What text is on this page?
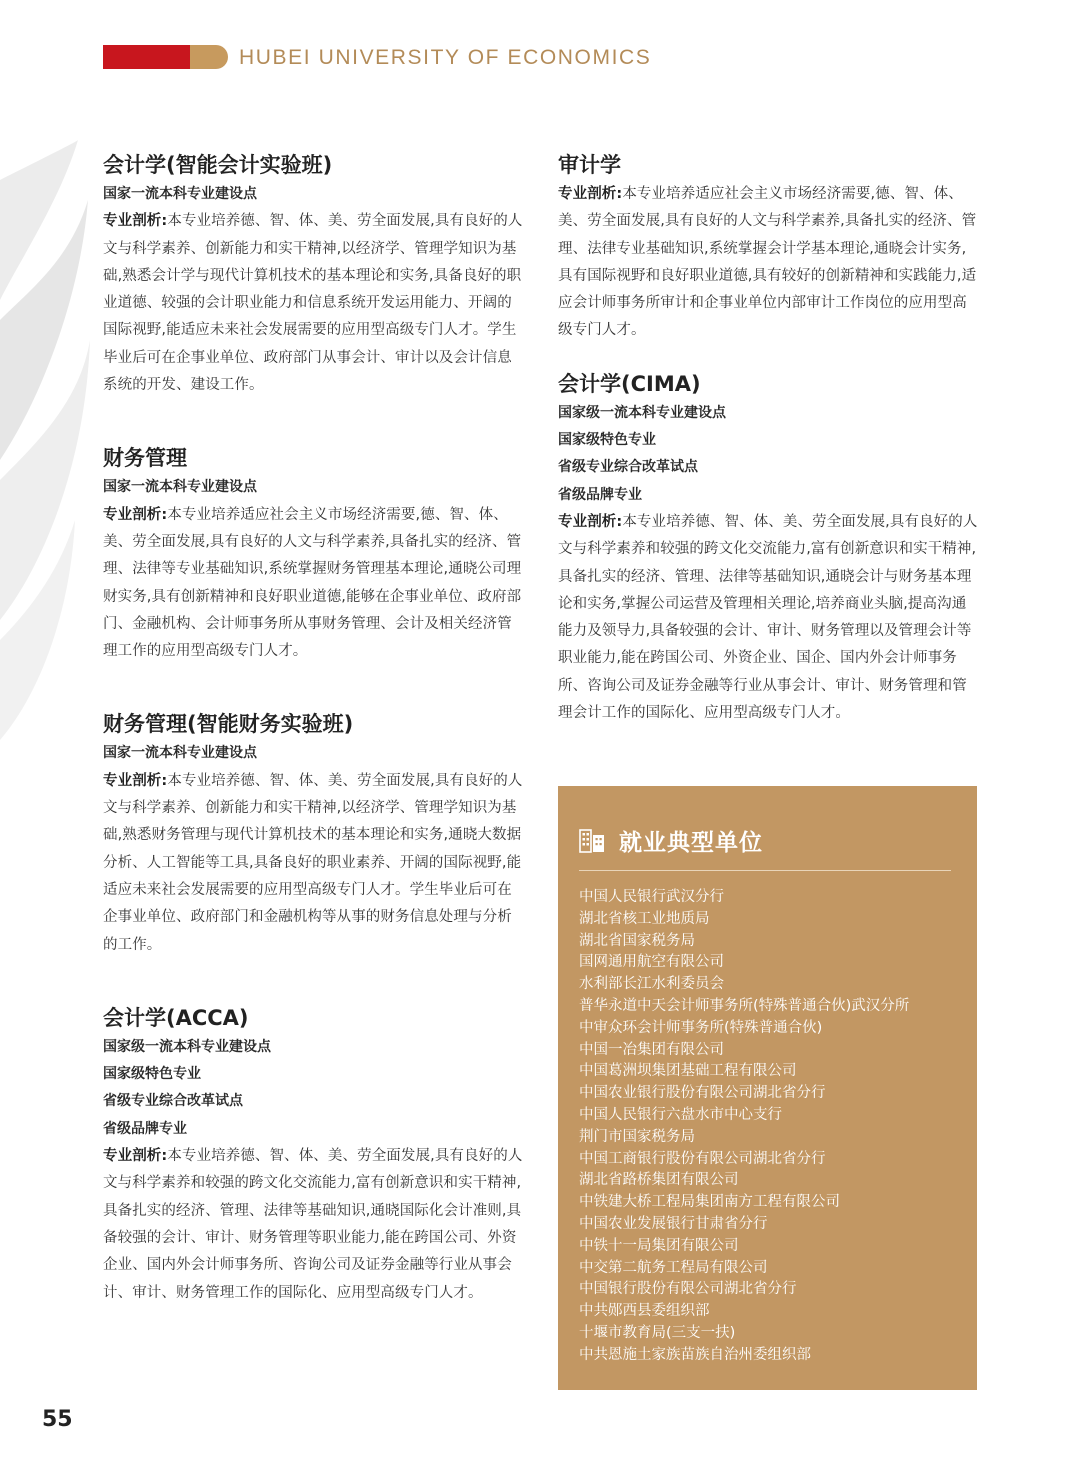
HUBEI UNIVERSITY OF ECONOMICS
会计学(智能会计实验班)
国家一流本科专业建设点
专业剖析:本专业培养德、智、体、美、劳全面发展,具有良好的人文与科学素养、创新能力和实干精神,以经济学、管理学知识为基础,熟悉会计学与现代计算机技术的基本理论和实务,具备良好的职业道德、较强的会计职业能力和信息系统开发运用能力、开阔的国际视野,能适应未来社会发展需要的应用型高级专门人才。学生毕业后可在企事业单位、政府部门从事会计、审计以及会计信息系统的开发、建设工作。
财务管理
国家一流本科专业建设点
专业剖析:本专业培养适应社会主义市场经济需要,德、智、体、美、劳全面发展,具有良好的人文与科学素养,具备扎实的经济、管理、法律等专业基础知识,系统掌握财务管理基本理论,通晓公司理财实务,具有创新精神和良好职业道德,能够在企事业单位、政府部门、金融机构、会计师事务所从事财务管理、会计及相关经济管理工作的应用型高级专门人才。
财务管理(智能财务实验班)
国家一流本科专业建设点
专业剖析:本专业培养德、智、体、美、劳全面发展,具有良好的人文与科学素养、创新能力和实干精神,以经济学、管理学知识为基础,熟悉财务管理与现代计算机技术的基本理论和实务,通晓大数据分析、人工智能等工具,具备良好的职业素养、开阔的国际视野,能适应未来社会发展需要的应用型高级专门人才。学生毕业后可在企事业单位、政府部门和金融机构等从事的财务信息处理与分析的工作。
会计学(ACCA)
国家级一流本科专业建设点
国家级特色专业
省级专业综合改革试点
省级品牌专业
专业剖析:本专业培养德、智、体、美、劳全面发展,具有良好的人文与科学素养和较强的跨文化交流能力,富有创新意识和实干精神,具备扎实的经济、管理、法律等基础知识,通晓国际化会计准则,具备较强的会计、审计、财务管理等职业能力,能在跨国公司、外资企业、国内外会计师事务所、咨询公司及证券金融等行业从事会计、审计、财务管理工作的国际化、应用型高级专门人才。
审计学
专业剖析:本专业培养适应社会主义市场经济需要,德、智、体、美、劳全面发展,具有良好的人文与科学素养,具备扎实的经济、管理、法律专业基础知识,系统掌握会计学基本理论,通晓会计实务,具有国际视野和良好职业道德,具有较好的创新精神和实践能力,适应会计师事务所审计和企事业单位内部审计工作岗位的应用型高级专门人才。
会计学(CIMA)
国家级一流本科专业建设点
国家级特色专业
省级专业综合改革试点
省级品牌专业
专业剖析:本专业培养德、智、体、美、劳全面发展,具有良好的人文与科学素养和较强的跨文化交流能力,富有创新意识和实干精神,具备扎实的经济、管理、法律等基础知识,通晓会计与财务基本理论和实务,掌握公司运营及管理相关理论,培养商业头脑,提高沟通能力及领导力,具备较强的会计、审计、财务管理以及管理会计等职业能力,能在跨国公司、外资企业、国企、国内外会计师事务所、咨询公司及证券金融等行业从事会计、审计、财务管理和管理会计工作的国际化、应用型高级专门人才。
就业典型单位
中国人民银行武汉分行
湖北省核工业地质局
湖北省国家税务局
国网通用航空有限公司
水利部长江水利委员会
普华永道中天会计师事务所(特殊普通合伙)武汉分所
中审众环会计师事务所(特殊普通合伙)
中国一冶集团有限公司
中国葛洲坝集团基础工程有限公司
中国农业银行股份有限公司湖北省分行
中国人民银行六盘水市中心支行
荆门市国家税务局
中国工商银行股份有限公司湖北省分行
湖北省路桥集团有限公司
中铁建大桥工程局集团南方工程有限公司
中国农业发展银行甘肃省分行
中铁十一局集团有限公司
中交第二航务工程局有限公司
中国银行股份有限公司湖北省分行
中共郧西县委组织部
十堰市教育局(三支一扶)
中共恩施土家族苗族自治州委组织部
55
